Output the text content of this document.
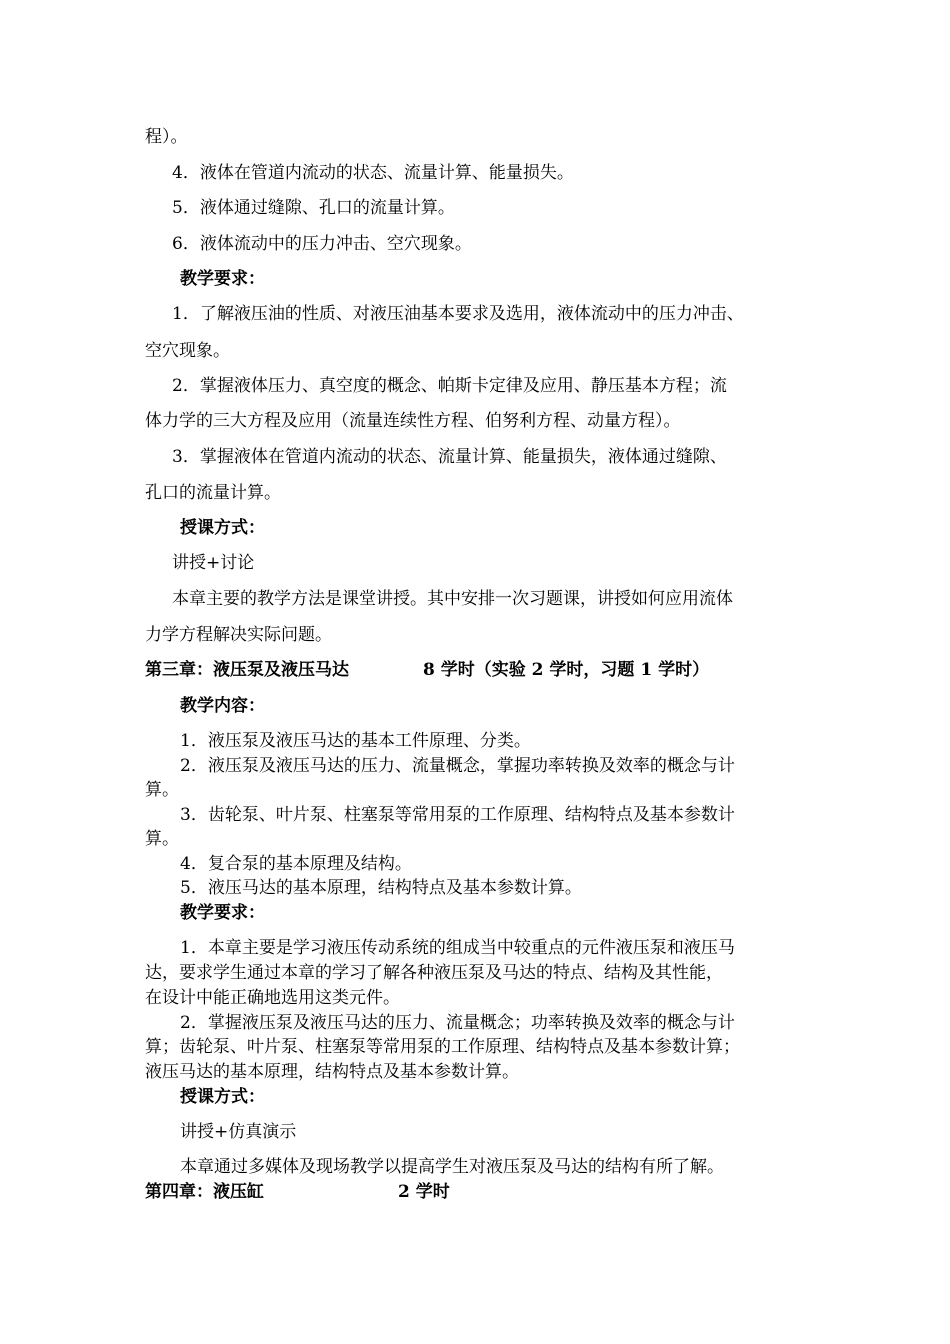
程）。
4．液体在管道内流动的状态、流量计算、能量损失。
5．液体通过缝隙、孔口的流量计算。
6．液体流动中的压力冲击、空穴现象。
教学要求：
1．了解液压油的性质、对液压油基本要求及选用，液体流动中的压力冲击、
空穴现象。
2．掌握液体压力、真空度的概念、帕斯卡定律及应用、静压基本方程；流
体力学的三大方程及应用（流量连续性方程、伯努利方程、动量方程）。
3．掌握液体在管道内流动的状态、流量计算、能量损失，液体通过缝隙、
孔口的流量计算。
授课方式：
讲授+讨论
本章主要的教学方法是课堂讲授。其中安排一次习题课，讲授如何应用流体
力学方程解决实际问题。
第三章：液压泵及液压马达	8 学时（实验 2 学时，习题 1 学时）
教学内容：
1．液压泵及液压马达的基本工件原理、分类。
2．液压泵及液压马达的压力、流量概念，掌握功率转换及效率的概念与计
算。
3．齿轮泵、叶片泵、柱塞泵等常用泵的工作原理、结构特点及基本参数计
算。
4．复合泵的基本原理及结构。
5．液压马达的基本原理，结构特点及基本参数计算。
教学要求：
1．本章主要是学习液压传动系统的组成当中较重点的元件液压泵和液压马
达，要求学生通过本章的学习了解各种液压泵及马达的特点、结构及其性能，
在设计中能正确地选用这类元件。
2．掌握液压泵及液压马达的压力、流量概念；功率转换及效率的概念与计
算；齿轮泵、叶片泵、柱塞泵等常用泵的工作原理、结构特点及基本参数计算；
液压马达的基本原理，结构特点及基本参数计算。
授课方式：
讲授+仿真演示
本章通过多媒体及现场教学以提高学生对液压泵及马达的结构有所了解。
第四章：液压缸	2 学时
